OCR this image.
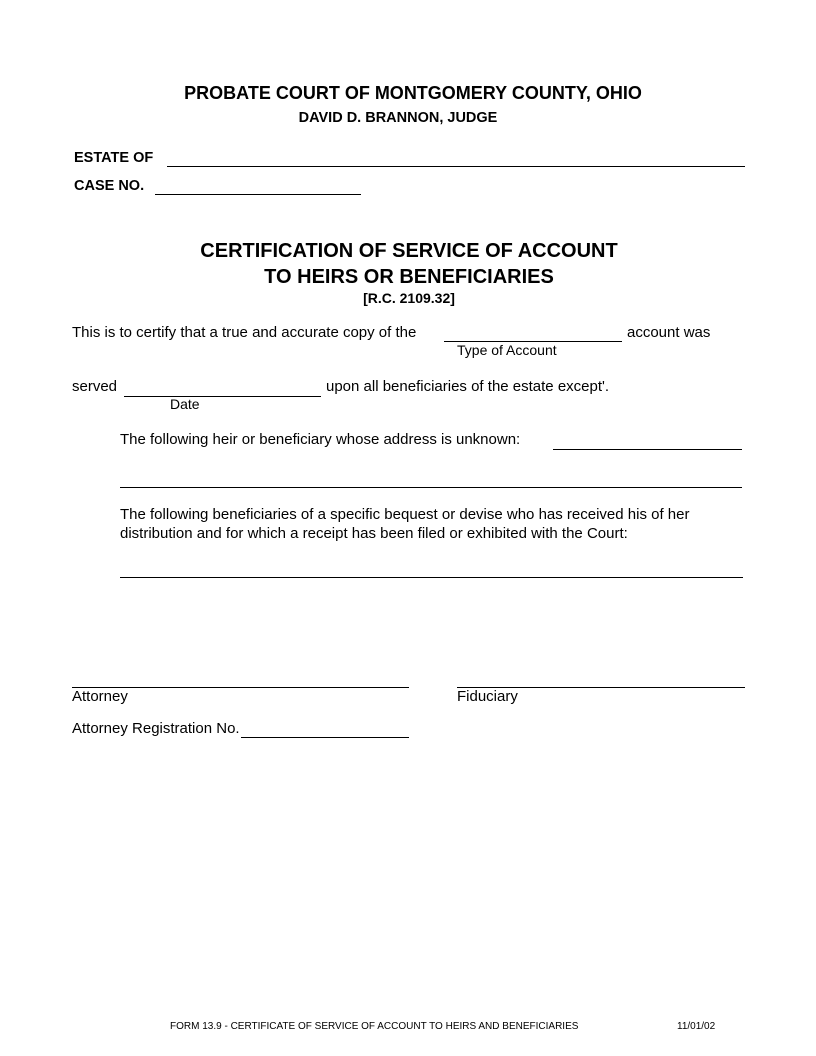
PROBATE COURT OF MONTGOMERY COUNTY, OHIO
DAVID D. BRANNON, JUDGE
ESTATE OF
CASE NO.
CERTIFICATION OF SERVICE OF ACCOUNT
TO HEIRS OR BENEFICIARIES
[R.C. 2109.32]
This is to certify that a true and accurate copy of the	account was
Type of Account
served	upon all beneficiaries of the estate except'.
Date
The following heir or beneficiary whose address is unknown:
The following beneficiaries of a specific bequest or devise who has received his of her distribution and for which a receipt has been filed or exhibited with the Court:
Attorney	Fiduciary
Attorney Registration No.
FORM 13.9 - CERTIFICATE OF SERVICE OF ACCOUNT TO HEIRS AND BENEFICIARIES	11/01/02
